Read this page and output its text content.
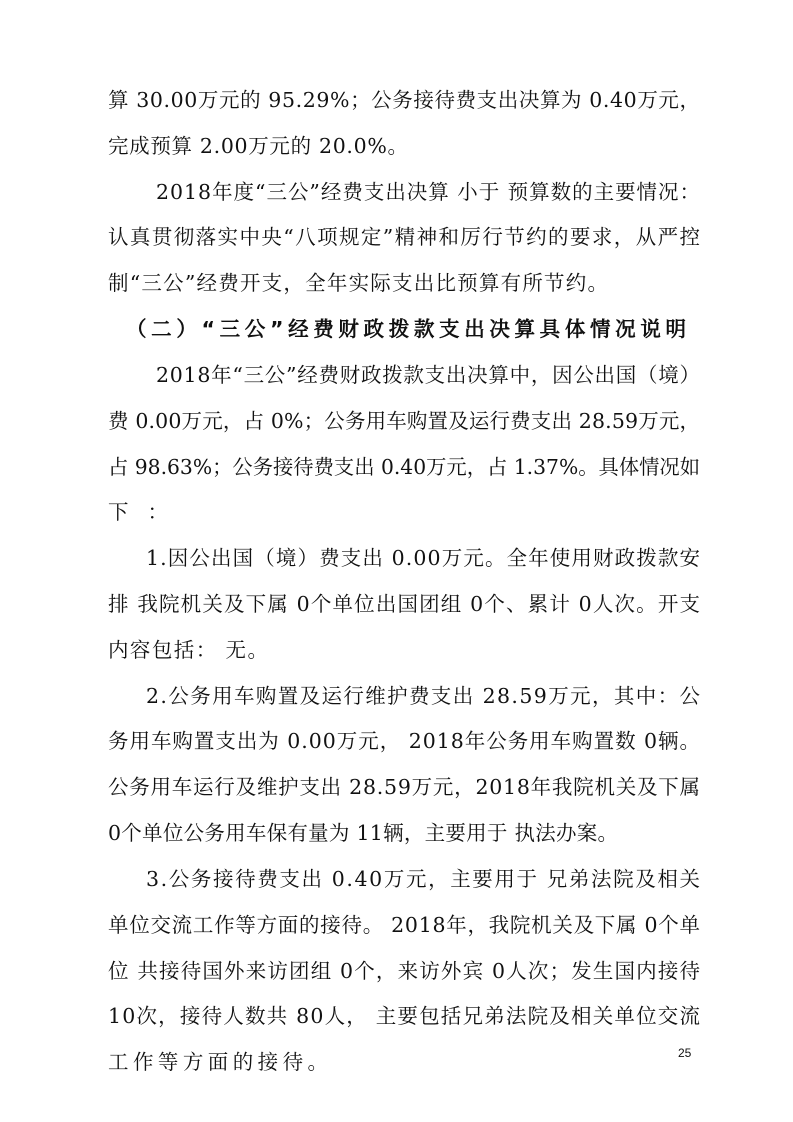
算 30.00万元的 95.29%；公务接待费支出决算为 0.40万元，
完成预算 2.00万元的 20.0%。
2018年度“三公”经费支出决算 小于 预算数的主要情况：
认真贯彻落实中央“八项规定”精神和厉行节约的要求，从严控
制“三公”经费开支，全年实际支出比预算有所节约。
（二）“三公”经费财政拨款支出决算具体情况说明
2018年“三公”经费财政拨款支出决算中，因公出国（境）
费 0.00万元，占 0%；公务用车购置及运行费支出 28.59万元，
占 98.63%；公务接待费支出 0.40万元，占 1.37%。具体情况如
下：
1.因公出国（境）费支出 0.00万元。全年使用财政拨款安
排 我院机关及下属 0个单位出国团组 0个、累计 0人次。开支
内容包括： 无。
2.公务用车购置及运行维护费支出 28.59万元，其中：公
务用车购置支出为 0.00万元， 2018年公务用车购置数 0辆。
公务用车运行及维护支出 28.59万元，2018年我院机关及下属
0个单位公务用车保有量为 11辆，主要用于 执法办案。
3.公务接待费支出 0.40万元，主要用于 兄弟法院及相关
单位交流工作等方面的接待。 2018年，我院机关及下属 0个单
位 共接待国外来访团组 0个，来访外宾 0人次；发生国内接待
10次，接待人数共 80人， 主要包括兄弟法院及相关单位交流
工作等方面的接待。	25
